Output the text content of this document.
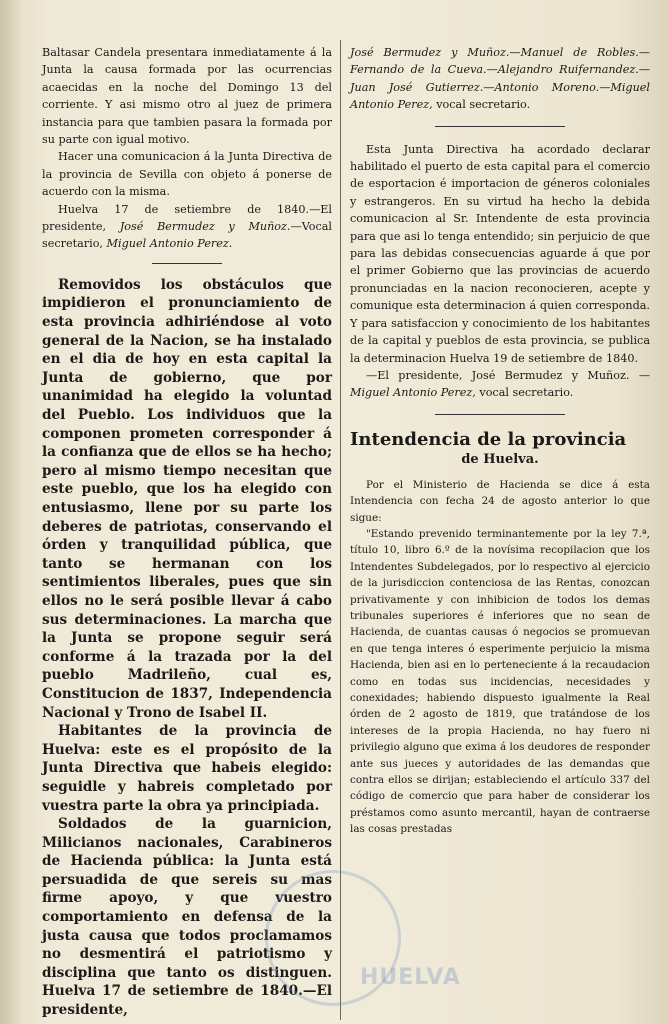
Baltasar Candela presentara inmediatamente á la Junta la causa formada por las ocurrencias acaecidas en la noche del Domingo 13 del corriente. Y asi mismo otro al juez de primera instancia para que tambien pasara la formada por su parte con igual motivo.

Hacer una comunicacion á la Junta Directiva de la provincia de Sevilla con objeto á ponerse de acuerdo con la misma.

Huelva 17 de setiembre de 1840.—El presidente, José Bermudez y Muñoz.—Vocal secretario, Miguel Antonio Perez.

Removidos los obstáculos que impidieron el pronunciamiento de esta provincia adhiriéndose al voto general de la Nacion, se ha instalado en el dia de hoy en esta capital la Junta de gobierno, que por unanimidad ha elegido la voluntad del Pueblo. Los individuos que la componen prometen corresponder á la confianza que de ellos se ha hecho; pero al mismo tiempo necesitan que este pueblo, que los ha elegido con entusiasmo, llene por su parte los deberes de patriotas, conservando el órden y tranquilidad pública, que tanto se hermanan con los sentimientos liberales, pues que sin ellos no le será posible llevar á cabo sus determinaciones. La marcha que la Junta se propone seguir será conforme á la trazada por la del pueblo Madrileño, cual es, Constitucion de 1837, Independencia Nacional y Trono de Isabel II.

Habitantes de la provincia de Huelva: este es el propósito de la Junta Directiva que habeis elegido: seguidle y habreis completado por vuestra parte la obra ya principiada.

Soldados de la guarnicion, Milicianos nacionales, Carabineros de Hacienda pública: la Junta está persuadida de que sereis su mas firme apoyo, y que vuestro comportamiento en defensa de la justa causa que todos proclamamos no desmentirá el patriotismo y disciplina que tanto os distinguen. Huelva 17 de setiembre de 1840.—El presidente,

José Bermudez y Muñoz.—Manuel de Robles.—Fernando de la Cueva.—Alejandro Ruifernandez.—Juan José Gutierrez.—Antonio Moreno.—Miguel Antonio Perez, vocal secretario.

Esta Junta Directiva ha acordado declarar habilitado el puerto de esta capital para el comercio de esportacion é importacion de géneros coloniales y estrangeros. En su virtud ha hecho la debida comunicacion al Sr. Intendente de esta provincia para que asi lo tenga entendido; sin perjuicio de que para las debidas consecuencias aguarde á que por el primer Gobierno que las provincias de acuerdo pronunciadas en la nacion reconocieren, acepte y comunique esta determinacion á quien corresponda. Y para satisfaccion y conocimiento de los habitantes de la capital y pueblos de esta provincia, se publica la determinacion Huelva 19 de setiembre de 1840.

—El presidente, José Bermudez y Muñoz. —Miguel Antonio Perez, vocal secretario.

Intendencia de la provincia
de Huelva.

Por el Ministerio de Hacienda se dice á esta Intendencia con fecha 24 de agosto anterior lo que sigue:

"Estando prevenido terminantemente por la ley 7.ª, título 10, libro 6.º de la novísima recopilacion que los Intendentes Subdelegados, por lo respectivo al ejercicio de la jurisdiccion contenciosa de las Rentas, conozcan privativamente y con inhibicion de todos los demas tribunales superiores é inferiores que no sean de Hacienda, de cuantas causas ó negocios se promuevan en que tenga interes ó esperimente perjuicio la misma Hacienda, bien asi en lo perteneciente á la recaudacion como en todas sus incidencias, necesidades y conexidades; habiendo dispuesto igualmente la Real órden de 2 agosto de 1819, que tratándose de los intereses de la propia Hacienda, no hay fuero ni privilegio alguno que exima á los deudores de responder ante sus jueces y autoridades de las demandas que contra ellos se dirijan; estableciendo el artículo 337 del código de comercio que para haber de considerar los préstamos como asunto mercantil, hayan de contraerse las cosas prestadas

HUELVA
